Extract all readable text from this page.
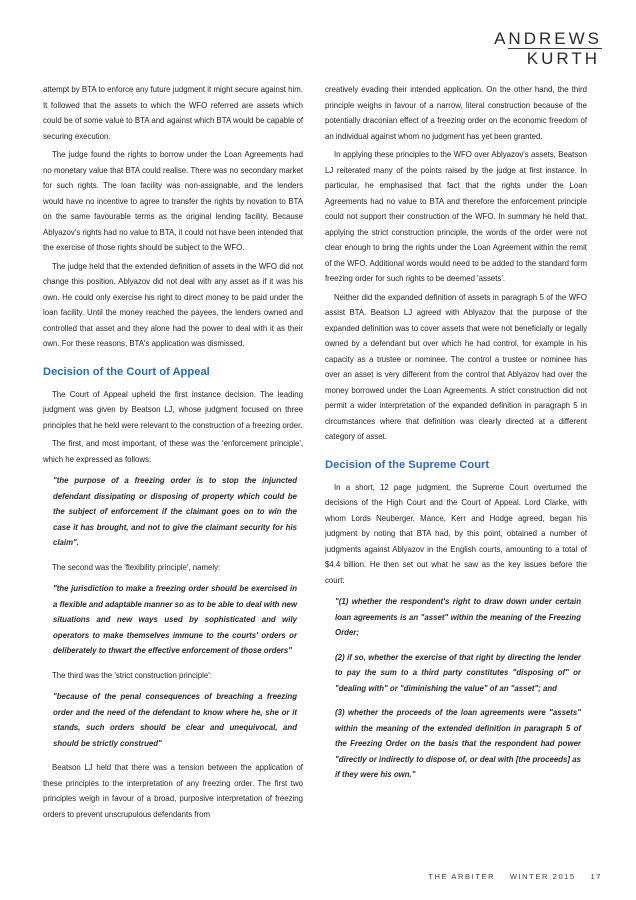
ANDREWS
KURTH

attempt by BTA to enforce any future judgment it might secure against him. It followed that the assets to which the WFO referred are assets which could be of some value to BTA and against which BTA would be capable of securing execution.

The judge found the rights to borrow under the Loan Agreements had no monetary value that BTA could realise. There was no secondary market for such rights. The loan facility was non-assignable, and the lenders would have no incentive to agree to transfer the rights by novation to BTA on the same favourable terms as the original lending facility. Because Ablyazov's rights had no value to BTA, it could not have been intended that the exercise of those rights should be subject to the WFO.

The judge held that the extended definition of assets in the WFO did not change this position. Ablyazov did not deal with any asset as if it was his own. He could only exercise his right to direct money to be paid under the loan facility. Until the money reached the payees, the lenders owned and controlled that asset and they alone had the power to deal with it as their own. For these reasons, BTA's application was dismissed.

Decision of the Court of Appeal

The Court of Appeal upheld the first instance decision. The leading judgment was given by Beatson LJ, whose judgment focused on three principles that he held were relevant to the construction of a freezing order.

The first, and most important, of these was the 'enforcement principle', which he expressed as follows:

"the purpose of a freezing order is to stop the injuncted defendant dissipating or disposing of property which could be the subject of enforcement if the claimant goes on to win the case it has brought, and not to give the claimant security for his claim".

The second was the 'flexibility principle', namely:

"the jurisdiction to make a freezing order should be exercised in a flexible and adaptable manner so as to be able to deal with new situations and new ways used by sophisticated and wily operators to make themselves immune to the courts' orders or deliberately to thwart the effective enforcement of those orders"

The third was the 'strict construction principle':

"because of the penal consequences of breaching a freezing order and the need of the defendant to know where he, she or it stands, such orders should be clear and unequivocal, and should be strictly construed"

Beatson LJ held that there was a tension between the application of these principles to the interpretation of any freezing order. The first two principles weigh in favour of a broad, purposive interpretation of freezing orders to prevent unscrupulous defendants from

creatively evading their intended application. On the other hand, the third principle weighs in favour of a narrow, literal construction because of the potentially draconian effect of a freezing order on the economic freedom of an individual against whom no judgment has yet been granted.

In applying these principles to the WFO over Ablyazov's assets, Beatson LJ reiterated many of the points raised by the judge at first instance. In particular, he emphasised that fact that the rights under the Loan Agreements had no value to BTA and therefore the enforcement principle could not support their construction of the WFO. In summary he held that, applying the strict construction principle, the words of the order were not clear enough to bring the rights under the Loan Agreement within the remit of the WFO. Additional words would need to be added to the standard form freezing order for such rights to be deemed 'assets'.

Neither did the expanded definition of assets in paragraph 5 of the WFO assist BTA. Beatson LJ agreed with Ablyazov that the purpose of the expanded definition was to cover assets that were not beneficially or legally owned by a defendant but over which he had control, for example in his capacity as a trustee or nominee. The control a trustee or nominee has over an asset is very different from the control that Ablyazov had over the money borrowed under the Loan Agreements. A strict construction did not permit a wider interpretation of the expanded definition in paragraph 5 in circumstances where that definition was clearly directed at a different category of asset.

Decision of the Supreme Court

In a short, 12 page judgment, the Supreme Court overturned the decisions of the High Court and the Court of Appeal. Lord Clarke, with whom Lords Neuberger, Mance, Kerr and Hodge agreed, began his judgment by noting that BTA had, by this point, obtained a number of judgments against Ablyazov in the English courts, amounting to a total of $4.4 billion. He then set out what he saw as the key issues before the court:

"(1) whether the respondent's right to draw down under certain loan agreements is an "asset" within the meaning of the Freezing Order;
(2) if so, whether the exercise of that right by directing the lender to pay the sum to a third party constitutes "disposing of" or "dealing with" or "diminishing the value" of an "asset"; and
(3) whether the proceeds of the loan agreements were "assets" within the meaning of the extended definition in paragraph 5 of the Freezing Order on the basis that the respondent had power "directly or indirectly to dispose of, or deal with [the proceeds] as if they were his own."
THE ARBITER WINTER 2015 17
